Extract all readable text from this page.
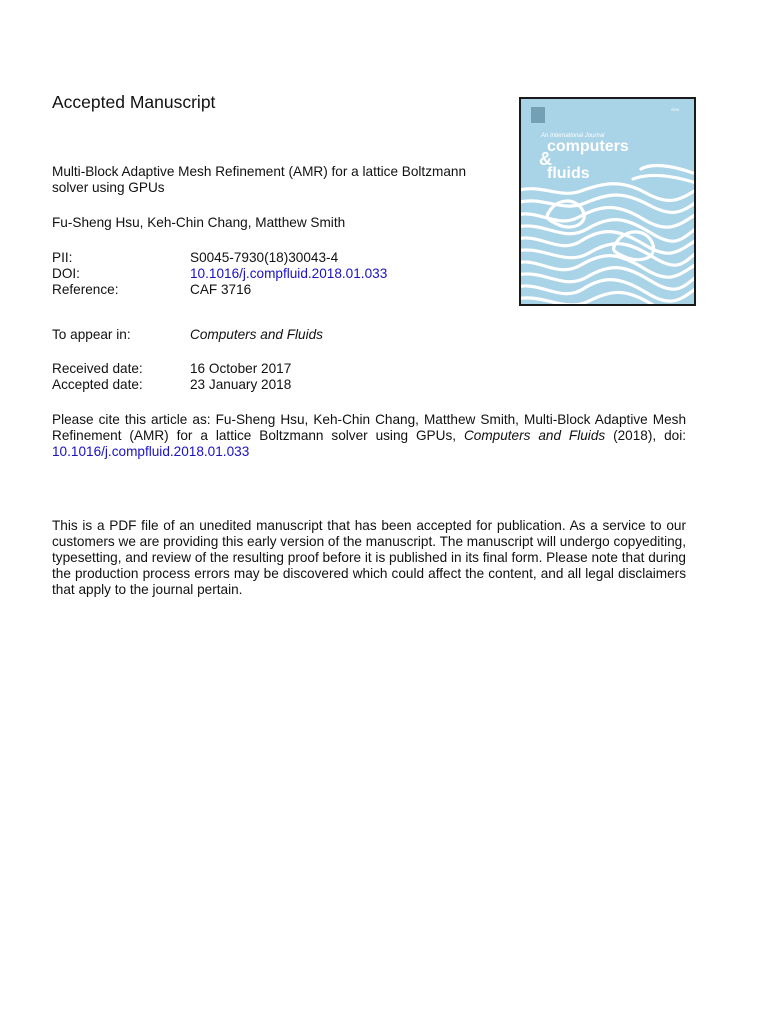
Accepted Manuscript
Multi-Block Adaptive Mesh Refinement (AMR) for a lattice Boltzmann solver using GPUs
Fu-Sheng Hsu, Keh-Chin Chang, Matthew Smith
PII:	S0045-7930(18)30043-4
DOI:	10.1016/j.compfluid.2018.01.033
Reference:	CAF 3716
To appear in:	Computers and Fluids
Received date:	16 October 2017
Accepted date:	23 January 2018
Please cite this article as: Fu-Sheng Hsu, Keh-Chin Chang, Matthew Smith, Multi-Block Adaptive Mesh Refinement (AMR) for a lattice Boltzmann solver using GPUs, Computers and Fluids (2018), doi: 10.1016/j.compfluid.2018.01.033
This is a PDF file of an unedited manuscript that has been accepted for publication. As a service to our customers we are providing this early version of the manuscript. The manuscript will undergo copyediting, typesetting, and review of the resulting proof before it is published in its final form. Please note that during the production process errors may be discovered which could affect the content, and all legal disclaimers that apply to the journal pertain.
ISSN
An International Journal
computers
&
fluids
